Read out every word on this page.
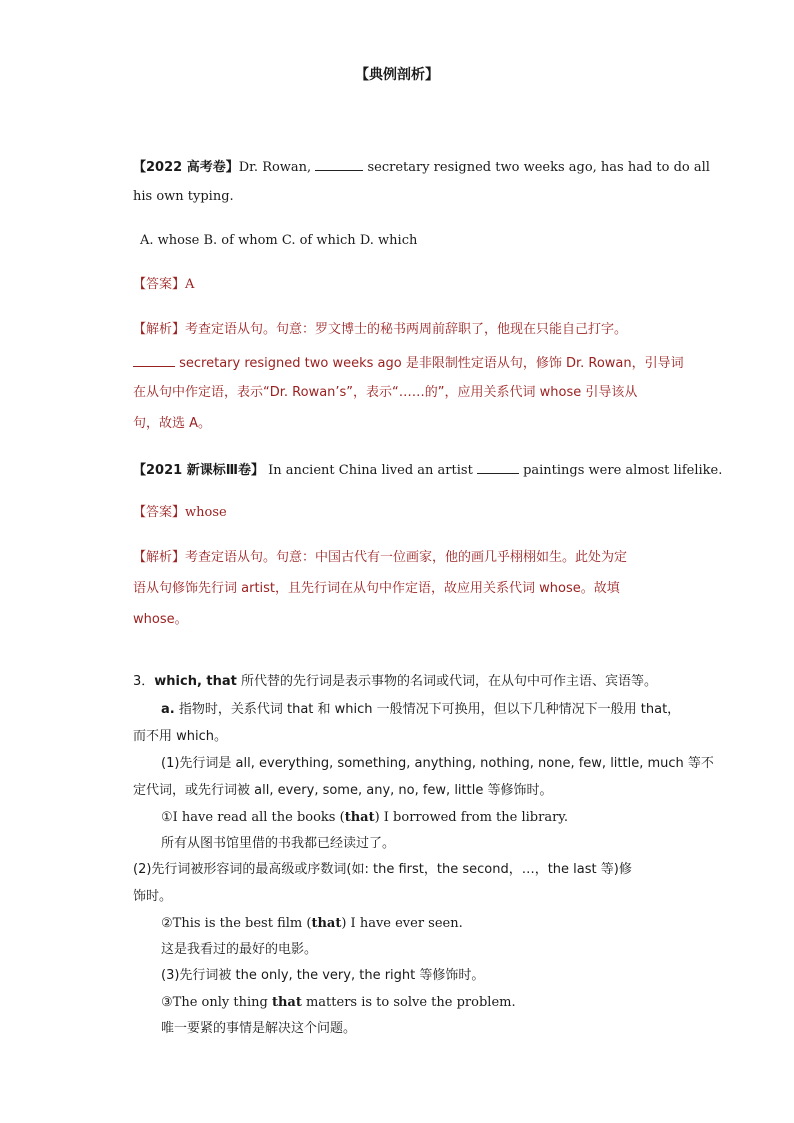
【典例剖析】
【2022 高考卷】Dr. Rowan,	secretary resigned two weeks ago, has had to do all
his own typing.
A. whose B. of whom C. of which D. which
【答案】A
【解析】考查定语从句。句意：罗文博士的秘书两周前辞职了，他现在只能自己打字。
secretary resigned two weeks ago 是非限制性定语从句，修饰 Dr. Rowan，引导词
在从句中作定语，表示“Dr. Rowan’s”，表示“……的”，应用关系代词 whose 引导该从
句，故选 A。
【2021 新课标Ⅲ卷】 In ancient China lived an artist	paintings were almost lifelike.
【答案】whose
【解析】考查定语从句。句意：中国古代有一位画家，他的画几乎栩栩如生。此处为定
语从句修饰先行词 artist，且先行词在从句中作定语，故应用关系代词 whose。故填
whose。
3．which, that 所代替的先行词是表示事物的名词或代词，在从句中可作主语、宾语等。
a. 指物时，关系代词 that 和 which 一般情况下可换用，但以下几种情况下一般用 that，
而不用 which。
(1)先行词是 all, everything, something, anything, nothing, none, few, little, much 等不
定代词，或先行词被 all, every, some, any, no, few, little 等修饰时。
①I have read all the books (that) I borrowed from the library.
所有从图书馆里借的书我都已经读过了。
(2)先行词被形容词的最高级或序数词(如: the first，the second，…，the last 等)修
饰时。
②This is the best film (that) I have ever seen.
这是我看过的最好的电影。
(3)先行词被 the only, the very, the right 等修饰时。
③The only thing that matters is to solve the problem.
唯一要紧的事情是解决这个问题。
